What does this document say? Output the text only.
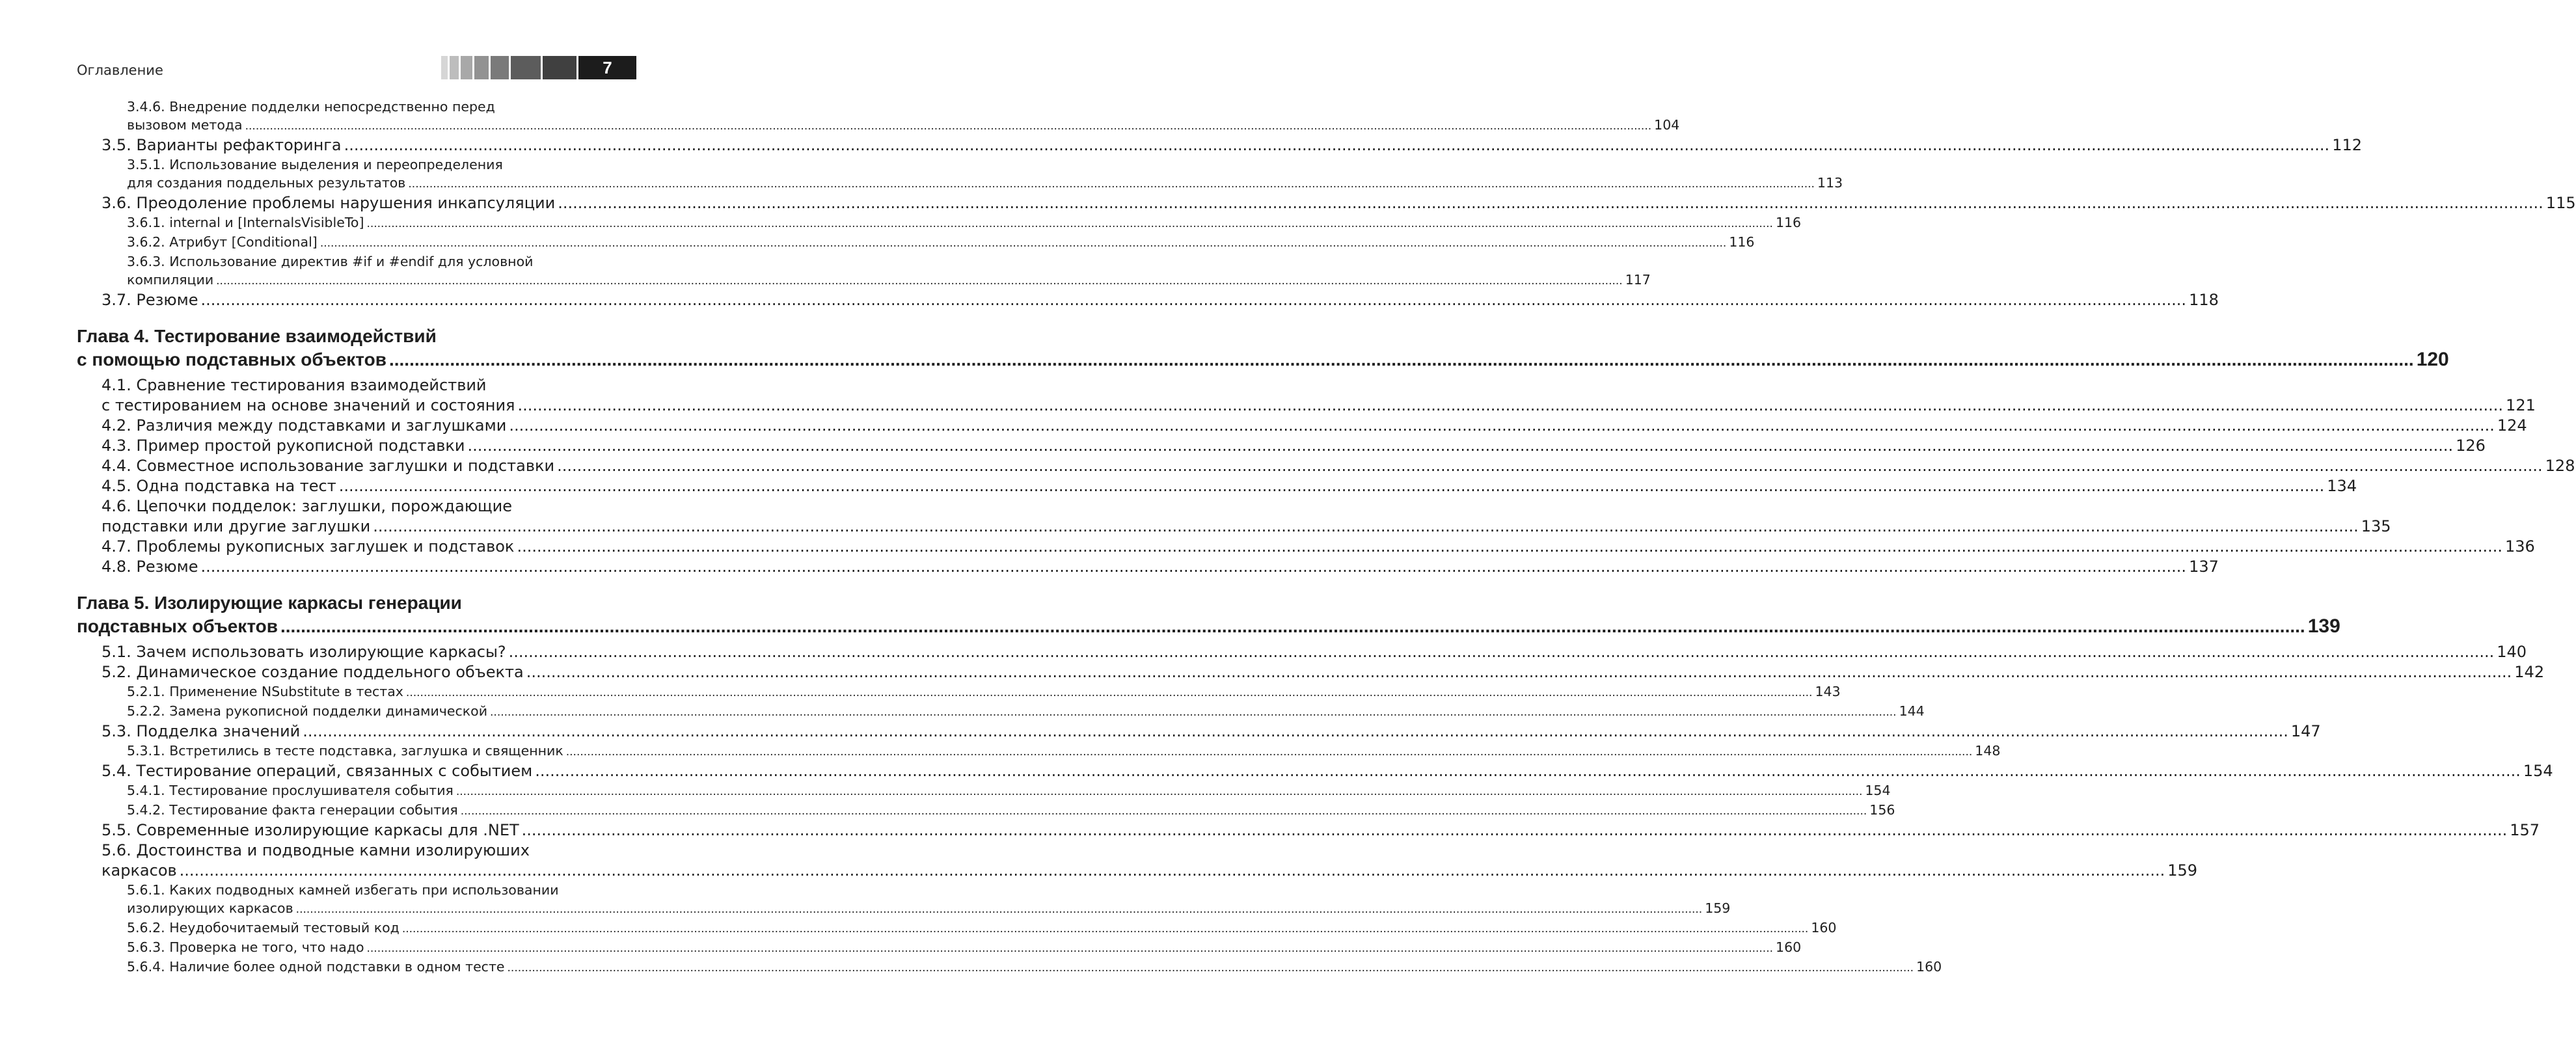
Оглавление	7
3.4.6. Внедрение подделки непосредственно перед
вызовом метода ................................................................................................................................................................................................................................................................................................................................................................................................................ 104
3.5. Варианты рефакторинга ................................................................................................................................................................................................................................................................................................................................................................................................................ 112
3.5.1. Использование выделения и переопределения
для создания поддельных результатов ................................................................................................................................................................................................................................................................................................................................................................................................................ 113
3.6. Преодоление проблемы нарушения инкапсуляции ................................................................................................................................................................................................................................................................................................................................................................................................................ 115
3.6.1. internal и [InternalsVisibleTo] ................................................................................................................................................................................................................................................................................................................................................................................................................ 116
3.6.2. Атрибут [Conditional] ................................................................................................................................................................................................................................................................................................................................................................................................................ 116
3.6.3. Использование директив #if и #endif для условной
компиляции ................................................................................................................................................................................................................................................................................................................................................................................................................ 117
3.7. Резюме ................................................................................................................................................................................................................................................................................................................................................................................................................ 118
Глава 4. Тестирование взаимодействий
с помощью подставных объектов ................................................................................................................................................................................................................................................................................................................................................................................................................ 120
4.1. Сравнение тестирования взаимодействий
с тестированием на основе значений и состояния ................................................................................................................................................................................................................................................................................................................................................................................................................ 121
4.2. Различия между подставками и заглушками ................................................................................................................................................................................................................................................................................................................................................................................................................ 124
4.3. Пример простой рукописной подставки ................................................................................................................................................................................................................................................................................................................................................................................................................ 126
4.4. Совместное использование заглушки и подставки ................................................................................................................................................................................................................................................................................................................................................................................................................ 128
4.5. Одна подставка на тест ................................................................................................................................................................................................................................................................................................................................................................................................................ 134
4.6. Цепочки подделок: заглушки, порождающие
подставки или другие заглушки ................................................................................................................................................................................................................................................................................................................................................................................................................ 135
4.7. Проблемы рукописных заглушек и подставок ................................................................................................................................................................................................................................................................................................................................................................................................................ 136
4.8. Резюме ................................................................................................................................................................................................................................................................................................................................................................................................................ 137
Глава 5. Изолирующие каркасы генерации
подставных объектов ................................................................................................................................................................................................................................................................................................................................................................................................................ 139
5.1. Зачем использовать изолирующие каркасы? ................................................................................................................................................................................................................................................................................................................................................................................................................ 140
5.2. Динамическое создание поддельного объекта ................................................................................................................................................................................................................................................................................................................................................................................................................ 142
5.2.1. Применение NSubstitute в тестах ................................................................................................................................................................................................................................................................................................................................................................................................................ 143
5.2.2. Замена рукописной подделки динамической ................................................................................................................................................................................................................................................................................................................................................................................................................ 144
5.3. Подделка значений ................................................................................................................................................................................................................................................................................................................................................................................................................ 147
5.3.1. Встретились в тесте подставка, заглушка и священник ................................................................................................................................................................................................................................................................................................................................................................................................................ 148
5.4. Тестирование операций, связанных с событием ................................................................................................................................................................................................................................................................................................................................................................................................................ 154
5.4.1. Тестирование прослушивателя события ................................................................................................................................................................................................................................................................................................................................................................................................................ 154
5.4.2. Тестирование факта генерации события ................................................................................................................................................................................................................................................................................................................................................................................................................ 156
5.5. Современные изолирующие каркасы для .NET ................................................................................................................................................................................................................................................................................................................................................................................................................ 157
5.6. Достоинства и подводные камни изолируюших
каркасов ................................................................................................................................................................................................................................................................................................................................................................................................................ 159
5.6.1. Каких подводных камней избегать при использовании
изолирующих каркасов ................................................................................................................................................................................................................................................................................................................................................................................................................ 159
5.6.2. Неудобочитаемый тестовый код ................................................................................................................................................................................................................................................................................................................................................................................................................ 160
5.6.3. Проверка не того, что надо ................................................................................................................................................................................................................................................................................................................................................................................................................ 160
5.6.4. Наличие более одной подставки в одном тесте ................................................................................................................................................................................................................................................................................................................................................................................................................ 160
